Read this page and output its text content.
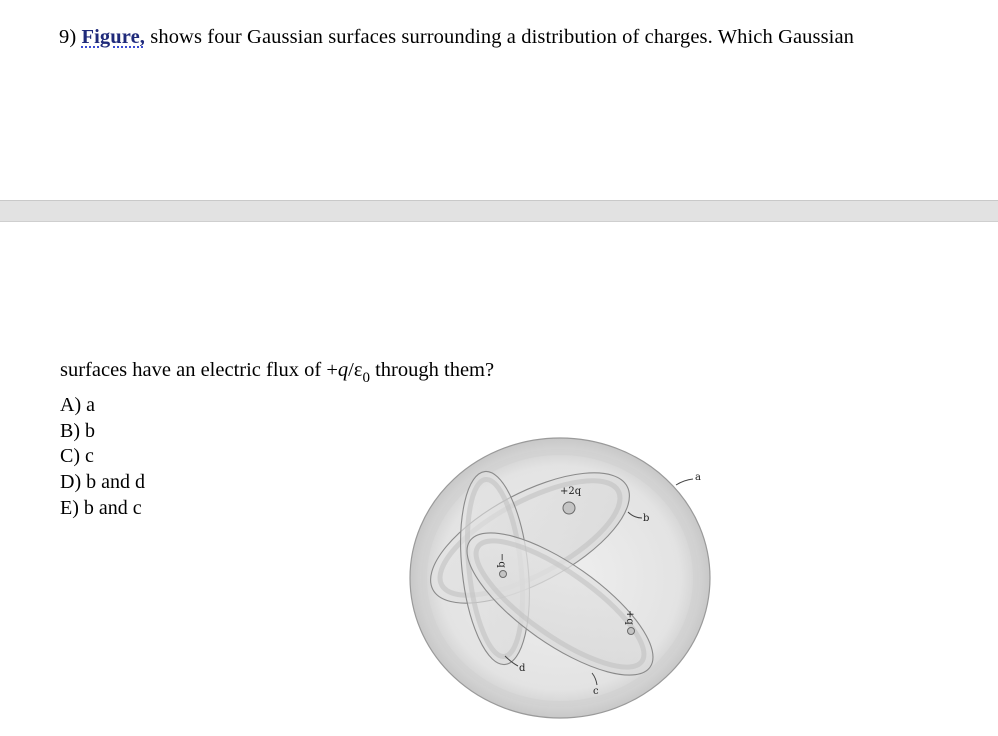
9) Figure, shows four Gaussian surfaces surrounding a distribution of charges. Which Gaussian
surfaces have an electric flux of $+q/\varepsilon_0$ through them?
A) a
B) b
C) c
D) b and d
E) b and c
+2q
−q
+q
a
b
d
c
